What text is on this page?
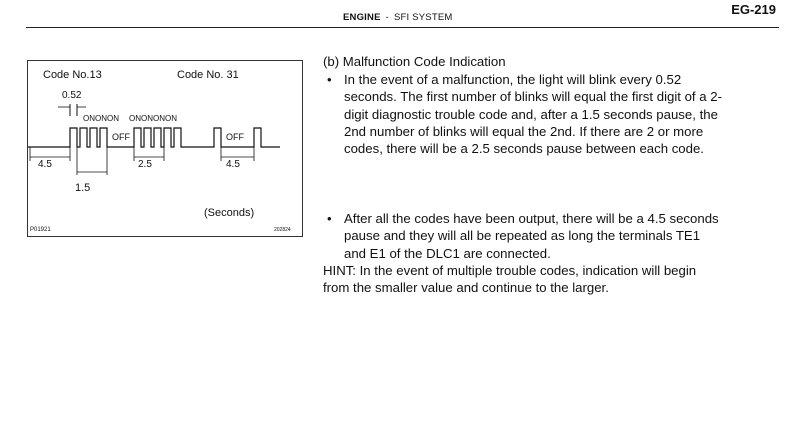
ENGINE - SFI SYSTEM
EG-219
Code No.13	Code No. 31
0.52
ONONON ONONONON
OFF	OFF
4.5	2.5	4.5
1.5
(Seconds)
P01921	202824

(b) Malfunction Code Indication

• In the event of a malfunction, the light will blink every 0.52 seconds. The first number of blinks will equal the first digit of a 2-digit diagnostic trouble code and, after a 1.5 seconds pause, the 2nd number of blinks will equal the 2nd. If there are 2 or more codes, there will be a 2.5 seconds pause between each code.

• After all the codes have been output, there will be a 4.5 seconds pause and they will all be repeated as long the terminals TE1 and E1 of the DLC1 are connected.

HINT: In the event of multiple trouble codes, indication will begin from the smaller value and continue to the larger.
